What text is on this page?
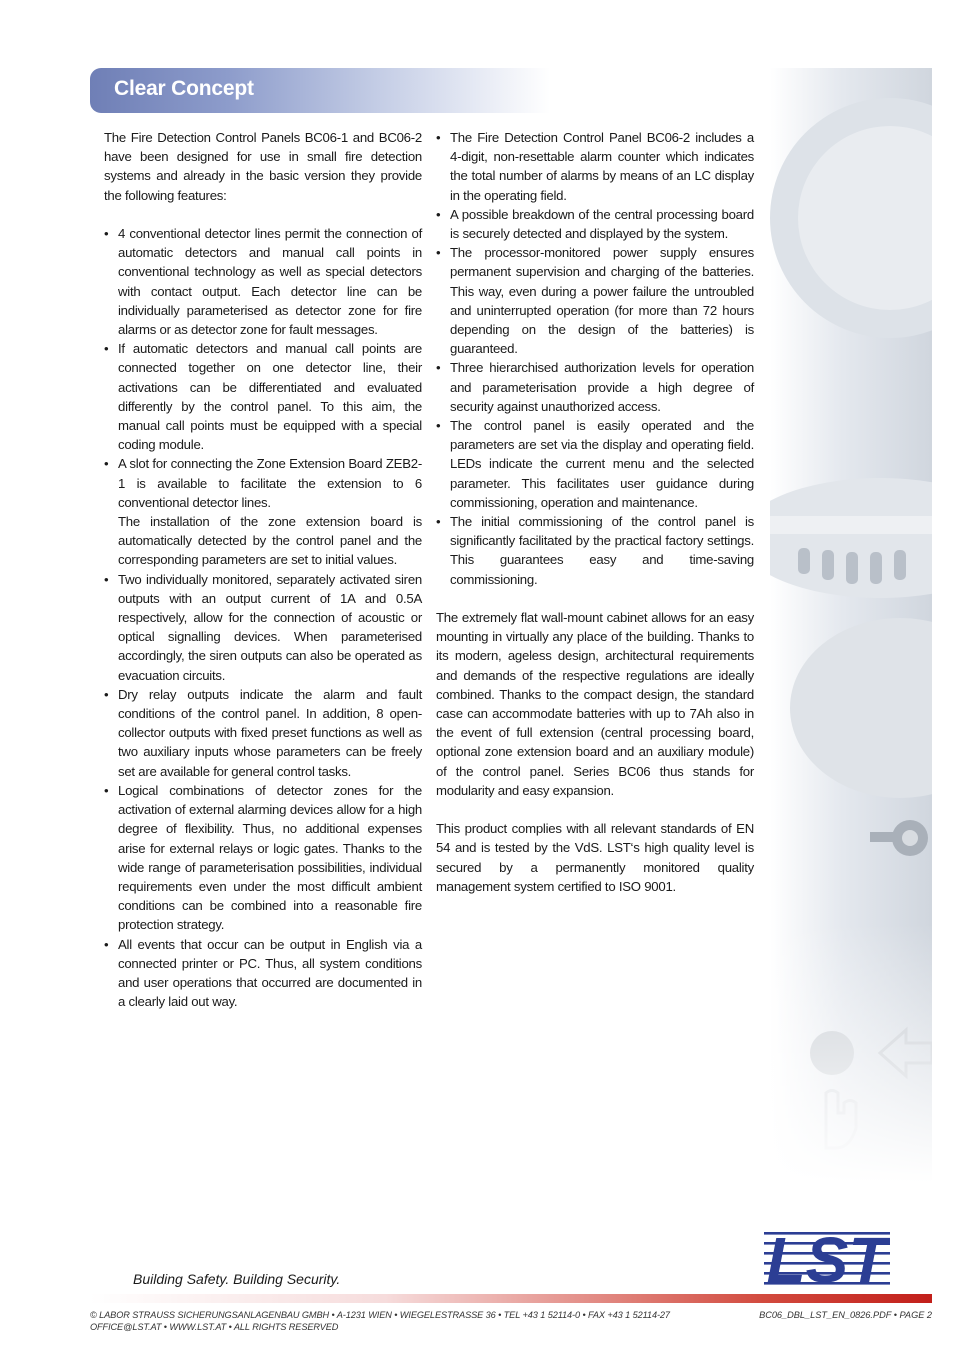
Clear Concept

The Fire Detection Control Panels BC06-1 and BC06-2 have been designed for use in small fire detection systems and already in the basic version they provide the following features:

• 4 conventional detector lines permit the connection of automatic detectors and manual call points in conventional technology as well as special detectors with contact output. Each detector line can be individually parameterised as detector zone for fire alarms or as detector zone for fault messages.
• If automatic detectors and manual call points are connected together on one detector line, their activations can be differentiated and evaluated differently by the control panel. To this aim, the manual call points must be equipped with a special coding module.
• A slot for connecting the Zone Extension Board ZEB2-1 is available to facilitate the extension to 6 conventional detector lines.
The installation of the zone extension board is automatically detected by the control panel and the corresponding parameters are set to initial values.
• Two individually monitored, separately activated siren outputs with an output current of 1A and 0.5A respectively, allow for the connection of acoustic or optical signalling devices. When parameterised accordingly, the siren outputs can also be operated as evacuation circuits.
• Dry relay outputs indicate the alarm and fault conditions of the control panel. In addition, 8 open-collector outputs with fixed preset functions as well as two auxiliary inputs whose parameters can be freely set are available for general control tasks.
• Logical combinations of detector zones for the activation of external alarming devices allow for a high degree of flexibility. Thus, no additional expenses arise for external relays or logic gates. Thanks to the wide range of parameterisation possibilities, individual requirements even under the most difficult ambient conditions can be combined into a reasonable fire protection strategy.
• All events that occur can be output in English via a connected printer or PC. Thus, all system conditions and user operations that occurred are documented in a clearly laid out way.
• The Fire Detection Control Panel BC06-2 includes a 4-digit, non-resettable alarm counter which indicates the total number of alarms by means of an LC display in the operating field.
• A possible breakdown of the central processing board is securely detected and displayed by the system.
• The processor-monitored power supply ensures permanent supervision and charging of the batteries. This way, even during a power failure the untroubled and uninterrupted operation (for more than 72 hours depending on the design of the batteries) is guaranteed.
• Three hierarchised authorization levels for operation and parameterisation provide a high degree of security against unauthorized access.
• The control panel is easily operated and the parameters are set via the display and operating field. LEDs indicate the current menu and the selected parameter. This facilitates user guidance during commissioning, operation and maintenance.
• The initial commissioning of the control panel is significantly facilitated by the practical factory settings. This guarantees easy and time-saving commissioning.

The extremely flat wall-mount cabinet allows for an easy mounting in virtually any place of the building. Thanks to its modern, ageless design, architectural requirements and demands of the respective regulations are ideally combined. Thanks to the compact design, the standard case can accommodate batteries with up to 7Ah also in the event of full extension (central processing board, optional zone extension board and an auxiliary module) of the control panel. Series BC06 thus stands for modularity and easy expansion.

This product complies with all relevant standards of EN 54 and is tested by the VdS. LST‘s high quality level is secured by a permanently monitored quality management system certified to ISO 9001.

Building Safety. Building Security.	LST
© LABOR STRAUSS SICHERUNGSANLAGENBAU GMBH • A-1231 WIEN • WIEGELESTRASSE 36 • TEL +43 1 52114-0 • FAX +43 1 52114-27
OFFICE@LST.AT • WWW.LST.AT • ALL RIGHTS RESERVED
BC06_DBL_LST_EN_0826.PDF • PAGE 2
